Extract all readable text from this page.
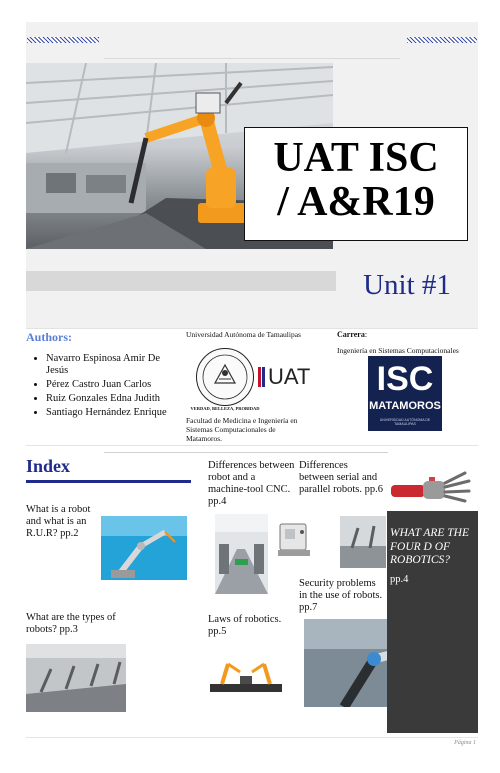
UAT ISC
/ A&R19
Unit #1
Authors:
• Navarro Espinosa Amir De Jesús
• Pérez Castro Juan Carlos
• Ruiz Gonzales Edna Judith
• Santiago Hernández Enrique
Universidad Autónoma de Tamaulipas
VERDAD, BELLEZA, PROBIDAD
UAT
Facultad de Medicina e Ingeniería en Sistemas Computacionales de Matamoros.
Carrera:
Ingeniería en Sistemas Computacionales
ISC
MATAMOROS
UNIVERSIDAD AUTÓNOMA DE TAMAULIPAS
Index
What is a robot and what is an R.U.R? pp.2
What are the types of robots? pp.3
Differences between robot and a machine-tool CNC. pp.4
Laws of robotics. pp.5
Differences between serial and parallel robots. pp.6
Security problems in the use of robots. pp.7
WHAT ARE THE FOUR D OF ROBOTICS?
pp.4
Página 1
